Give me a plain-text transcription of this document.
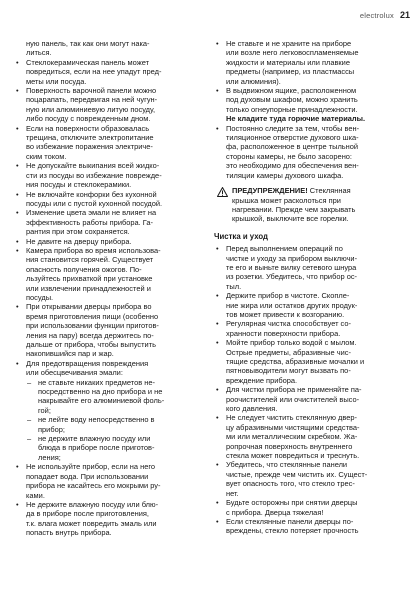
electrolux 21
ную панель, так как они могут нака-
литься.
• Стеклокерамическая панель может
повредиться, если на нее упадут пред-
меты или посуда.
• Поверхность варочной панели можно
поцарапать, передвигая на ней чугун-
ную или алюминиевую литую посуду,
либо посуду с поврежденным дном.
• Если на поверхности образовалась
трещина, отключите электропитание
во избежание поражения электриче-
ским током.
• Не допускайте выкипания всей жидко-
сти из посуды во избежание поврежде-
ния посуды и стеклокерамики.
• Не включайте конфорки без кухонной
посуды или с пустой кухонной посудой.
• Изменение цвета эмали не влияет на
эффективность работы прибора. Га-
рантия при этом сохраняется.
• Не давите на дверцу прибора.
• Камера прибора во время использова-
ния становится горячей. Существует
опасность получения ожогов. По-
льзуйтесь прихваткой при установке
или извлечении принадлежностей и
посуды.
• При открывании дверцы прибора во
время приготовления пищи (особенно
при использовании функции приготов-
ления на пару) всегда держитесь по-
дальше от прибора, чтобы выпустить
накопившийся пар и жар.
• Для предотвращения повреждения
или обесцвечивания эмали:
– не ставьте никаких предметов не-
посредственно на дно прибора и не
накрывайте его алюминиевой фоль-
гой;
– не лейте воду непосредственно в
прибор;
– не держите влажную посуду или
блюда в приборе после приготов-
ления;
• Не используйте прибор, если на него
попадает вода. При использовании
прибора не касайтесь его мокрыми ру-
ками.
• Не держите влажную посуду или блю-
да в приборе после приготовления,
т.к. влага может повредить эмаль или
попасть внутрь прибора.
• Не ставьте и не храните на приборе
или возле него легковоспламеняемые
жидкости и материалы или плавкие
предметы (например, из пластмассы
или алюминия).
• В выдвижном ящике, расположенном
под духовым шкафом, можно хранить
только огнеупорные принадлежности.
Не кладите туда горючие материалы.
• Постоянно следите за тем, чтобы вен-
тиляционное отверстие духового шка-
фа, расположенное в центре тыльной
стороны камеры, не было засорено:
это необходимо для обеспечения вен-
тиляции камеры духового шкафа.
ПРЕДУПРЕЖДЕНИЕ! Стеклянная
крышка может расколоться при
нагревании. Прежде чем закрывать
крышкой, выключите все горелки.
Чистка и уход
• Перед выполнением операций по
чистке и уходу за прибором выключи-
те его и выньте вилку сетевого шнура
из розетки. Убедитесь, что прибор ос-
тыл.
• Держите прибор в чистоте. Скопле-
ние жира или остатков других продук-
тов может привести к возгоранию.
• Регулярная чистка способствует со-
хранности поверхности прибора.
• Мойте прибор только водой с мылом.
Острые предметы, абразивные чис-
тящие средства, абразивные мочалки и
пятновыводители могут вызвать по-
вреждение прибора.
• Для чистки прибора не применяйте па-
роочистителей или очистителей высо-
кого давления.
• Не следует чистить стеклянную двер-
цу абразивными чистящими средства-
ми или металлическим скребком. Жа-
ропрочная поверхность внутреннего
стекла может повредиться и треснуть.
• Убедитесь, что стеклянные панели
чистые, прежде чем чистить их. Сущест-
вует опасность того, что стекло трес-
нет.
• Будьте осторожны при снятии дверцы
с прибора. Дверца тяжелая!
• Если стеклянные панели дверцы по-
вреждены, стекло потеряет прочность
